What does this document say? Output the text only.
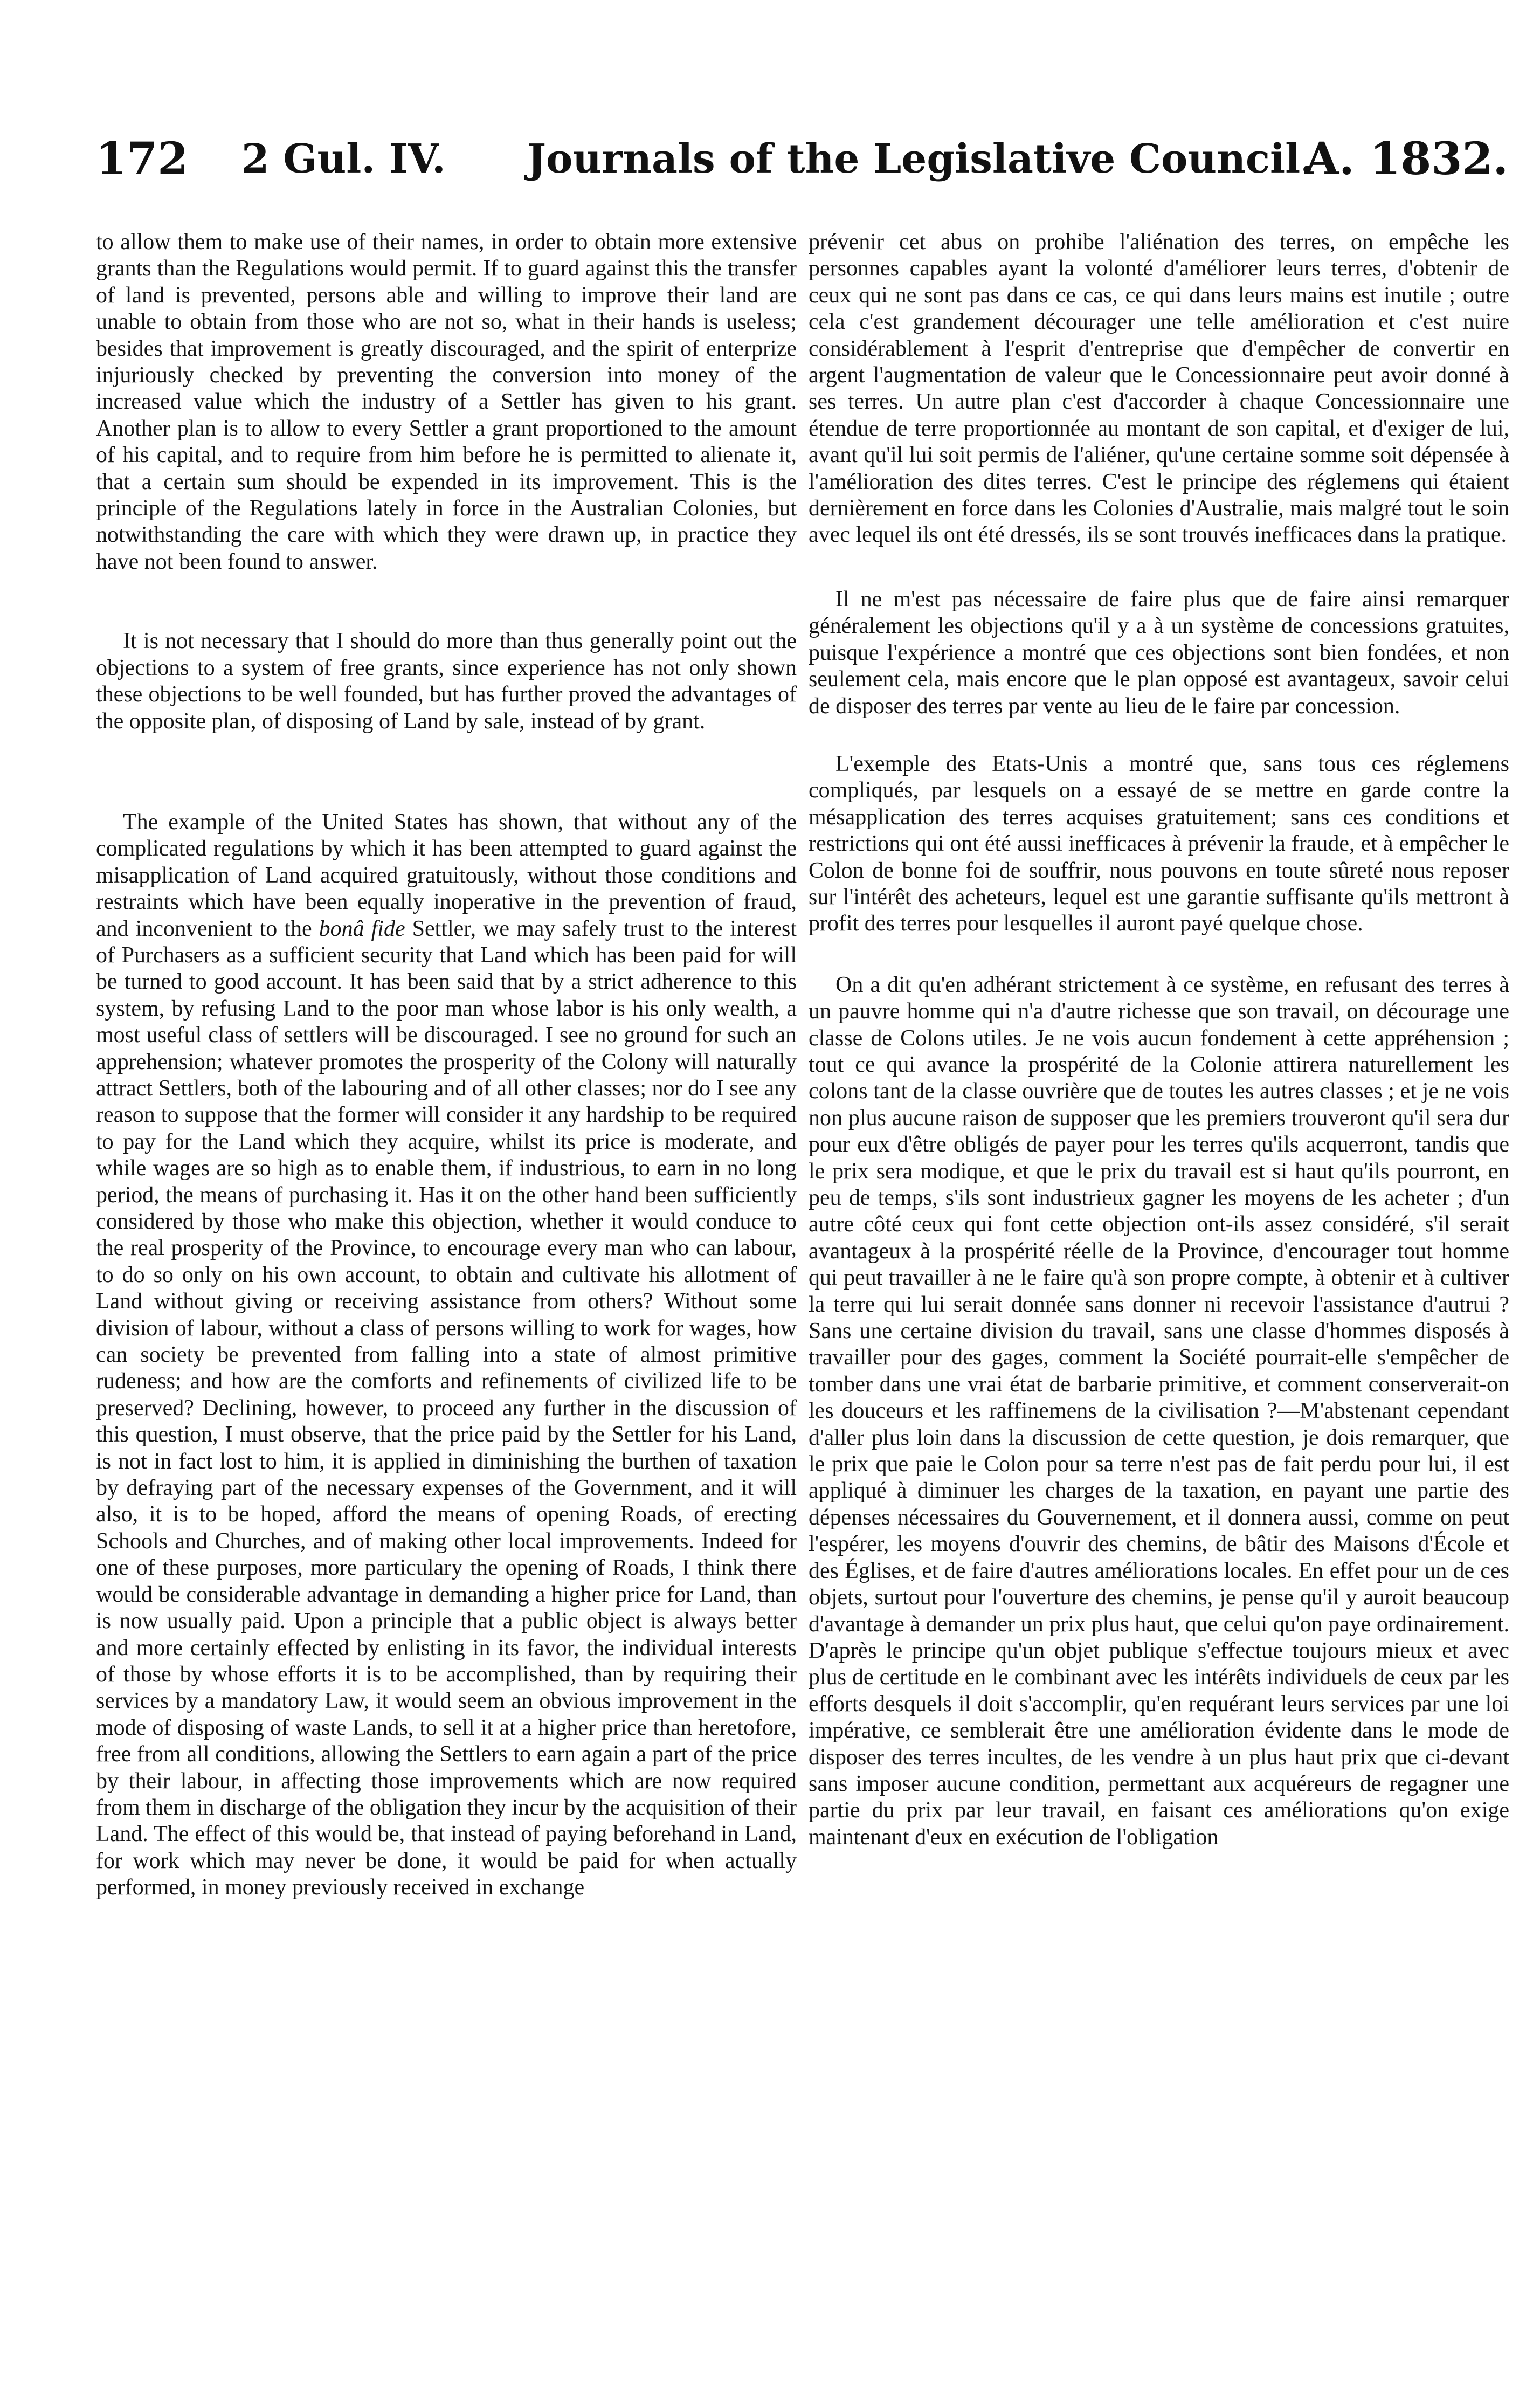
172 2 Gul. IV. Journals of the Legislative Council.
A. 1832.

to allow them to make use of their names, in order to obtain more extensive grants than the Regulations would permit. If to guard against this the transfer of land is prevented, persons able and willing to improve their land are unable to obtain from those who are not so, what in their hands is useless; besides that improvement is greatly discouraged, and the spirit of enterprize injuriously checked by preventing the conversion into money of the increased value which the industry of a Settler has given to his grant. Another plan is to allow to every Settler a grant proportioned to the amount of his capital, and to require from him before he is permitted to alienate it, that a certain sum should be expended in its improvement. This is the principle of the Regulations lately in force in the Australian Colonies, but notwithstanding the care with which they were drawn up, in practice they have not been found to answer.

It is not necessary that I should do more than thus generally point out the objections to a system of free grants, since experience has not only shown these objections to be well founded, but has further proved the advantages of the opposite plan, of disposing of Land by sale, instead of by grant.

The example of the United States has shown, that without any of the complicated regulations by which it has been attempted to guard against the misapplication of Land acquired gratuitously, without those conditions and restraints which have been equally inoperative in the prevention of fraud, and inconvenient to the bonâ fide Settler, we may safely trust to the interest of Purchasers as a sufficient security that Land which has been paid for will be turned to good account. It has been said that by a strict adherence to this system, by refusing Land to the poor man whose labor is his only wealth, a most useful class of settlers will be discouraged. I see no ground for such an apprehension; whatever promotes the prosperity of the Colony will naturally attract Settlers, both of the labouring and of all other classes; nor do I see any reason to suppose that the former will consider it any hardship to be required to pay for the Land which they acquire, whilst its price is moderate, and while wages are so high as to enable them, if industrious, to earn in no long period, the means of purchasing it. Has it on the other hand been sufficiently considered by those who make this objection, whether it would conduce to the real prosperity of the Province, to encourage every man who can labour, to do so only on his own account, to obtain and cultivate his allotment of Land without giving or receiving assistance from others? Without some division of labour, without a class of persons willing to work for wages, how can society be prevented from falling into a state of almost primitive rudeness; and how are the comforts and refinements of civilized life to be preserved? Declining, however, to proceed any further in the discussion of this question, I must observe, that the price paid by the Settler for his Land, is not in fact lost to him, it is applied in diminishing the burthen of taxation by defraying part of the necessary expenses of the Government, and it will also, it is to be hoped, afford the means of opening Roads, of erecting Schools and Churches, and of making other local improvements. Indeed for one of these purposes, more particulary the opening of Roads, I think there would be considerable advantage in demanding a higher price for Land, than is now usually paid. Upon a principle that a public object is always better and more certainly effected by enlisting in its favor, the individual interests of those by whose efforts it is to be accomplished, than by requiring their services by a mandatory Law, it would seem an obvious improvement in the mode of disposing of waste Lands, to sell it at a higher price than heretofore, free from all conditions, allowing the Settlers to earn again a part of the price by their labour, in affecting those improvements which are now required from them in discharge of the obligation they incur by the acquisition of their Land. The effect of this would be, that instead of paying beforehand in Land, for work which may never be done, it would be paid for when actually performed, in money previously received in exchange

prévenir cet abus on prohibe l'aliénation des terres, on empêche les personnes capables ayant la volonté d'améliorer leurs terres, d'obtenir de ceux qui ne sont pas dans ce cas, ce qui dans leurs mains est inutile ; outre cela c'est grandement décourager une telle amélioration et c'est nuire considérablement à l'esprit d'entreprise que d'empêcher de convertir en argent l'augmentation de valeur que le Concessionnaire peut avoir donné à ses terres. Un autre plan c'est d'accorder à chaque Concessionnaire une étendue de terre proportionnée au montant de son capital, et d'exiger de lui, avant qu'il lui soit permis de l'aliéner, qu'une certaine somme soit dépensée à l'amélioration des dites terres. C'est le principe des réglemens qui étaient dernièrement en force dans les Colonies d'Australie, mais malgré tout le soin avec lequel ils ont été dressés, ils se sont trouvés inefficaces dans la pratique.

Il ne m'est pas nécessaire de faire plus que de faire ainsi remarquer généralement les objections qu'il y a à un système de concessions gratuites, puisque l'expérience a montré que ces objections sont bien fondées, et non seulement cela, mais encore que le plan opposé est avantageux, savoir celui de disposer des terres par vente au lieu de le faire par concession.

L'exemple des Etats-Unis a montré que, sans tous ces réglemens compliqués, par lesquels on a essayé de se mettre en garde contre la mésapplication des terres acquises gratuitement; sans ces conditions et restrictions qui ont été aussi inefficaces à prévenir la fraude, et à empêcher le Colon de bonne foi de souffrir, nous pouvons en toute sûreté nous reposer sur l'intérêt des acheteurs, lequel est une garantie suffisante qu'ils mettront à profit des terres pour lesquelles il auront payé quelque chose.

On a dit qu'en adhérant strictement à ce système, en refusant des terres à un pauvre homme qui n'a d'autre richesse que son travail, on décourage une classe de Colons utiles. Je ne vois aucun fondement à cette appréhension ; tout ce qui avance la prospérité de la Colonie attirera naturellement les colons tant de la classe ouvrière que de toutes les autres classes ; et je ne vois non plus aucune raison de supposer que les premiers trouveront qu'il sera dur pour eux d'être obligés de payer pour les terres qu'ils acquerront, tandis que le prix sera modique, et que le prix du travail est si haut qu'ils pourront, en peu de temps, s'ils sont industrieux gagner les moyens de les acheter ; d'un autre côté ceux qui font cette objection ont-ils assez considéré, s'il serait avantageux à la prospérité réelle de la Province, d'encourager tout homme qui peut travailler à ne le faire qu'à son propre compte, à obtenir et à cultiver la terre qui lui serait donnée sans donner ni recevoir l'assistance d'autrui ? Sans une certaine division du travail, sans une classe d'hommes disposés à travailler pour des gages, comment la Société pourrait-elle s'empêcher de tomber dans une vrai état de barbarie primitive, et comment conserverait-on les douceurs et les raffinemens de la civilisation ?—M'abstenant cependant d'aller plus loin dans la discussion de cette question, je dois remarquer, que le prix que paie le Colon pour sa terre n'est pas de fait perdu pour lui, il est appliqué à diminuer les charges de la taxation, en payant une partie des dépenses nécessaires du Gouvernement, et il donnera aussi, comme on peut l'espérer, les moyens d'ouvrir des chemins, de bâtir des Maisons d'École et des Églises, et de faire d'autres améliorations locales. En effet pour un de ces objets, surtout pour l'ouverture des chemins, je pense qu'il y auroit beaucoup d'avantage à demander un prix plus haut, que celui qu'on paye ordinairement. D'après le principe qu'un objet publique s'effectue toujours mieux et avec plus de certitude en le combinant avec les intérêts individuels de ceux par les efforts desquels il doit s'accomplir, qu'en requérant leurs services par une loi impérative, ce semblerait être une amélioration évidente dans le mode de disposer des terres incultes, de les vendre à un plus haut prix que ci-devant sans imposer aucune condition, permettant aux acquéreurs de regagner une partie du prix par leur travail, en faisant ces améliorations qu'on exige maintenant d'eux en exécution de l'obligation
